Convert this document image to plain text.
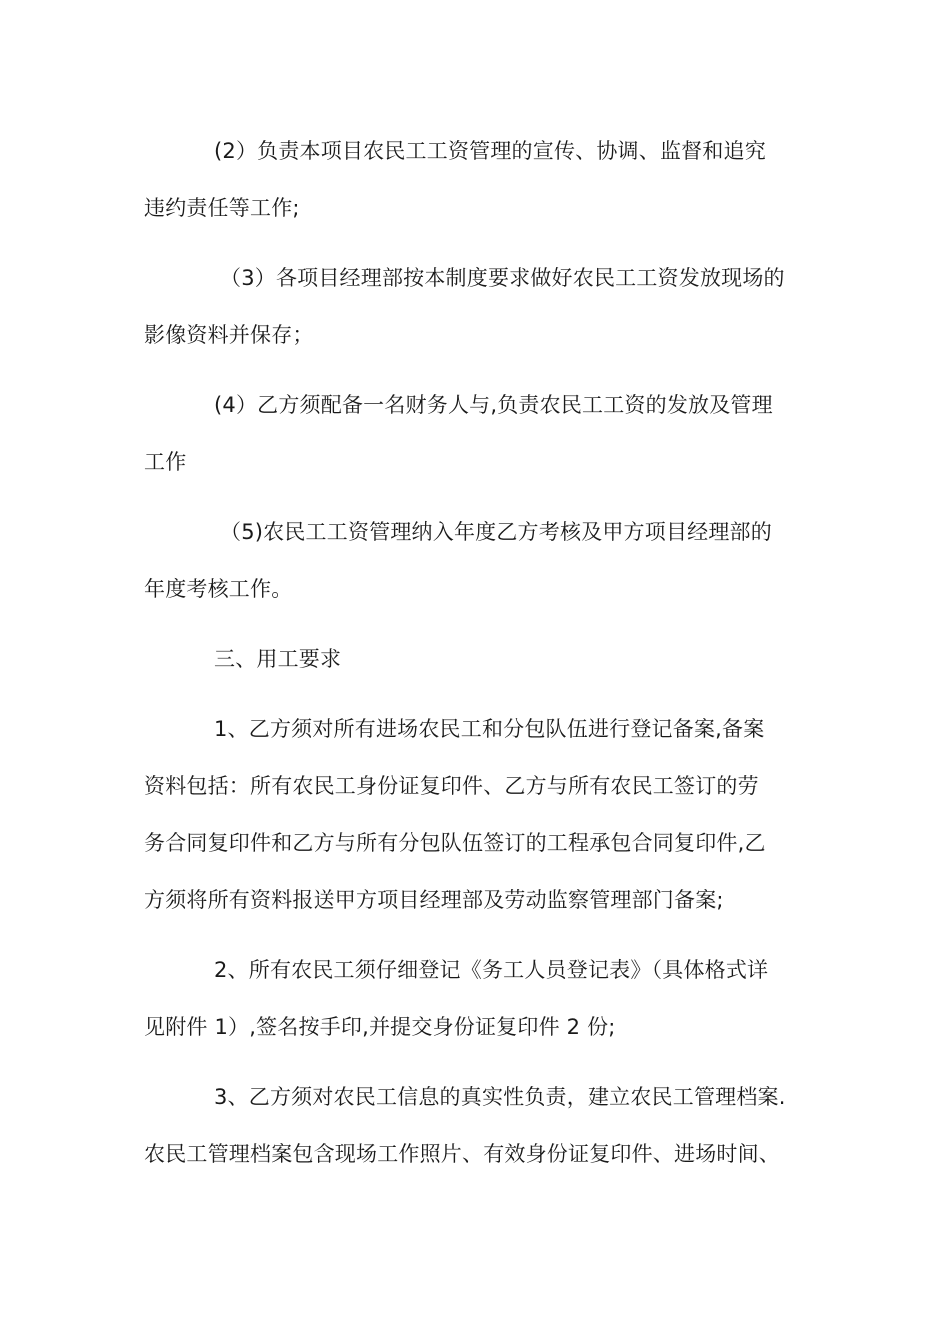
(2）负责本项目农民工工资管理的宣传、协调、监督和追究
违约责任等工作;
（3）各项目经理部按本制度要求做好农民工工资发放现场的
影像资料并保存；
(4）乙方须配备一名财务人与,负责农民工工资的发放及管理
工作
（5)农民工工资管理纳入年度乙方考核及甲方项目经理部的
年度考核工作。
三、用工要求
1、乙方须对所有进场农民工和分包队伍进行登记备案,备案
资料包括：所有农民工身份证复印件、乙方与所有农民工签订的劳
务合同复印件和乙方与所有分包队伍签订的工程承包合同复印件,乙
方须将所有资料报送甲方项目经理部及劳动监察管理部门备案;
2、所有农民工须仔细登记《务工人员登记表》（具体格式详
见附件 1）,签名按手印,并提交身份证复印件 2 份;
3、乙方须对农民工信息的真实性负责，建立农民工管理档案.
农民工管理档案包含现场工作照片、有效身份证复印件、进场时间、
